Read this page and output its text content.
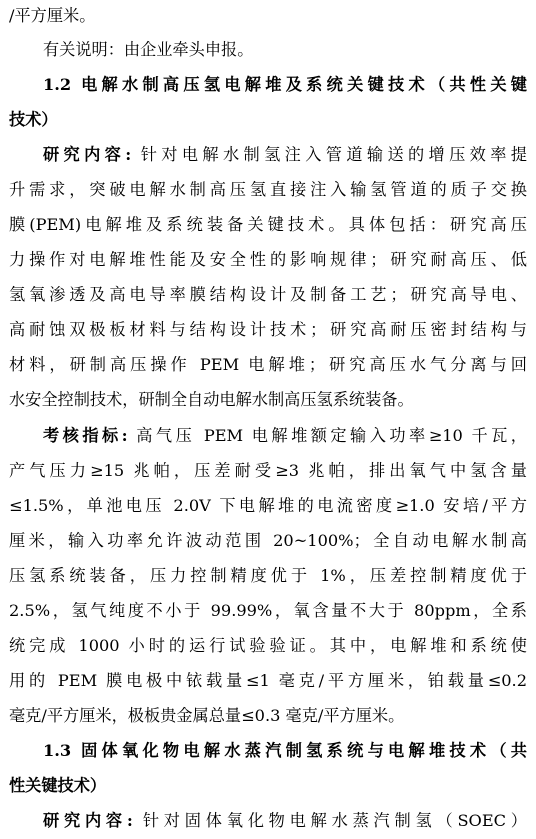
/平方厘米。
有关说明：由企业牵头申报。
1.2 电解水制高压氢电解堆及系统关键技术（共性关键
技术）
研究内容: 针对电解水制氢注入管道输送的增压效率提
升需求，突破电解水制高压氢直接注入输氢管道的质子交换
膜(PEM)电解堆及系统装备关键技术。具体包括：研究高压
力操作对电解堆性能及安全性的影响规律；研究耐高压、低
氢氧渗透及高电导率膜结构设计及制备工艺；研究高导电、
高耐蚀双极板材料与结构设计技术；研究高耐压密封结构与
材料，研制高压操作 PEM 电解堆；研究高压水气分离与回
水安全控制技术，研制全自动电解水制高压氢系统装备。
考核指标: 高气压 PEM 电解堆额定输入功率≥10 千瓦，
产气压力≥15 兆帕，压差耐受≥3 兆帕，排出氧气中氢含量
≤1.5%，单池电压 2.0V 下电解堆的电流密度≥1.0 安培/平方
厘米，输入功率允许波动范围 20~100%；全自动电解水制高
压氢系统装备，压力控制精度优于 1%，压差控制精度优于
2.5%，氢气纯度不小于 99.99%，氧含量不大于 80ppm，全系
统完成 1000 小时的运行试验验证。其中，电解堆和系统使
用的 PEM 膜电极中铱载量≤1 毫克/平方厘米，铂载量≤0.2
毫克/平方厘米，极板贵金属总量≤0.3 毫克/平方厘米。
1.3 固体氧化物电解水蒸汽制氢系统与电解堆技术（共
性关键技术）
研究内容: 针对固体氧化物电解水蒸汽制氢（SOEC）
